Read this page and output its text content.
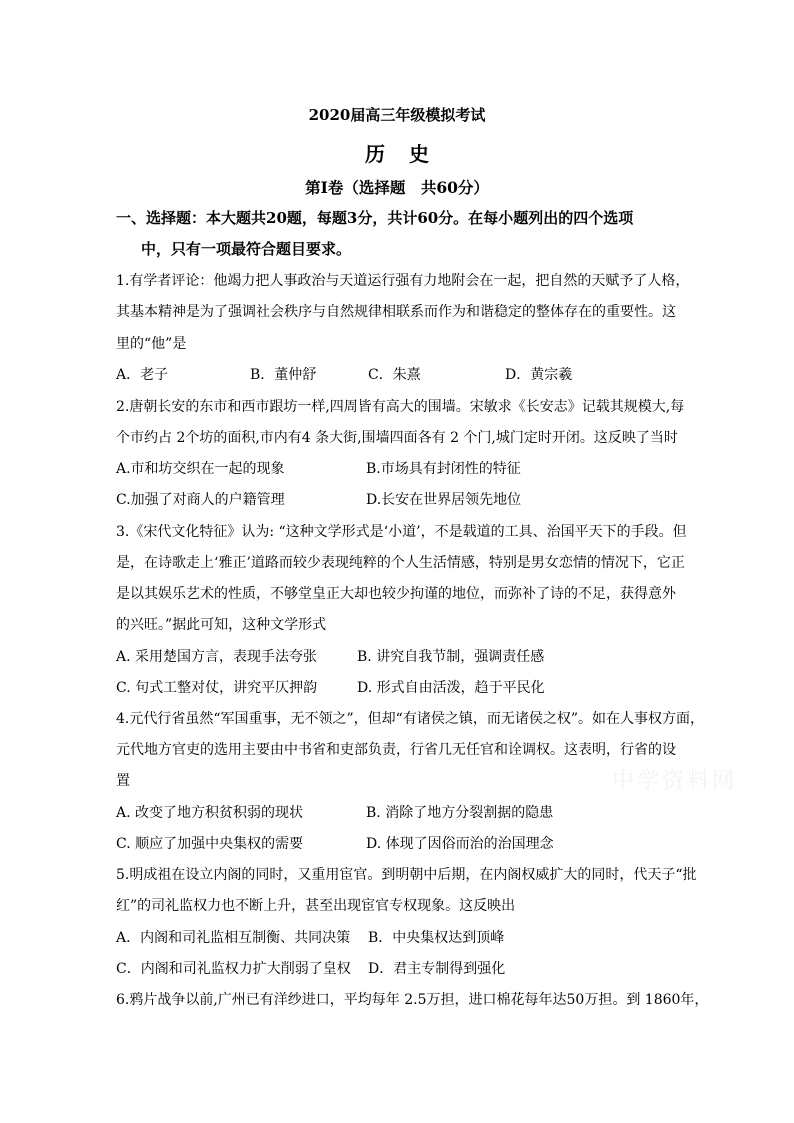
2020届高三年级模拟考试
历史
第Ⅰ卷（选择题　共60分）
一、选择题：本大题共20题，每题3分，共计60分。在每小题列出的四个选项
中，只有一项最符合题目要求。
1.有学者评论：他竭力把人事政治与天道运行强有力地附会在一起，把自然的天赋予了人格，
其基本精神是为了强调社会秩序与自然规律相联系而作为和谐稳定的整体存在的重要性。这
里的“他”是
A．老子	B．董仲舒	C．朱熹	D．黄宗羲
2.唐朝长安的东市和西市跟坊一样,四周皆有高大的围墙。宋敏求《长安志》记载其规模大,每
个市约占 2个坊的面积,市内有4 条大街,围墙四面各有 2 个门,城门定时开闭。这反映了当时
A.市和坊交织在一起的现象	B.市场具有封闭性的特征
C.加强了对商人的户籍管理	D.长安在世界居领先地位
3.《宋代文化特征》认为: “这种文学形式是‘小道’，不是载道的工具、治国平天下的手段。但
是，在诗歌走上‘雅正’道路而较少表现纯粹的个人生活情感，特别是男女恋情的情况下，它正
是以其娱乐艺术的性质，不够堂皇正大却也较少拘谨的地位，而弥补了诗的不足，获得意外
的兴旺。”据此可知，这种文学形式
A. 采用楚国方言，表现手法夸张	B. 讲究自我节制，强调责任感
C. 句式工整对仗，讲究平仄押韵	D. 形式自由活泼，趋于平民化
4.元代行省虽然“军国重事，无不领之”，但却“有诸侯之镇，而无诸侯之权”。如在人事权方面，
元代地方官吏的选用主要由中书省和吏部负责，行省几无任官和诠调权。这表明，行省的设
置
A. 改变了地方积贫积弱的现状	B. 消除了地方分裂割据的隐患
C. 顺应了加强中央集权的需要	D. 体现了因俗而治的治国理念
5.明成祖在设立内阁的同时，又重用宦官。到明朝中后期，在内阁权威扩大的同时，代天子“批
红”的司礼监权力也不断上升，甚至出现宦官专权现象。这反映出
A．内阁和司礼监相互制衡、共同决策 B．中央集权达到顶峰
C．内阁和司礼监权力扩大削弱了皇权 D．君主专制得到强化
6.鸦片战争以前,广州已有洋纱进口，平均每年 2.5万担，进口棉花每年达50万担。到 1860年，
中学资料网
